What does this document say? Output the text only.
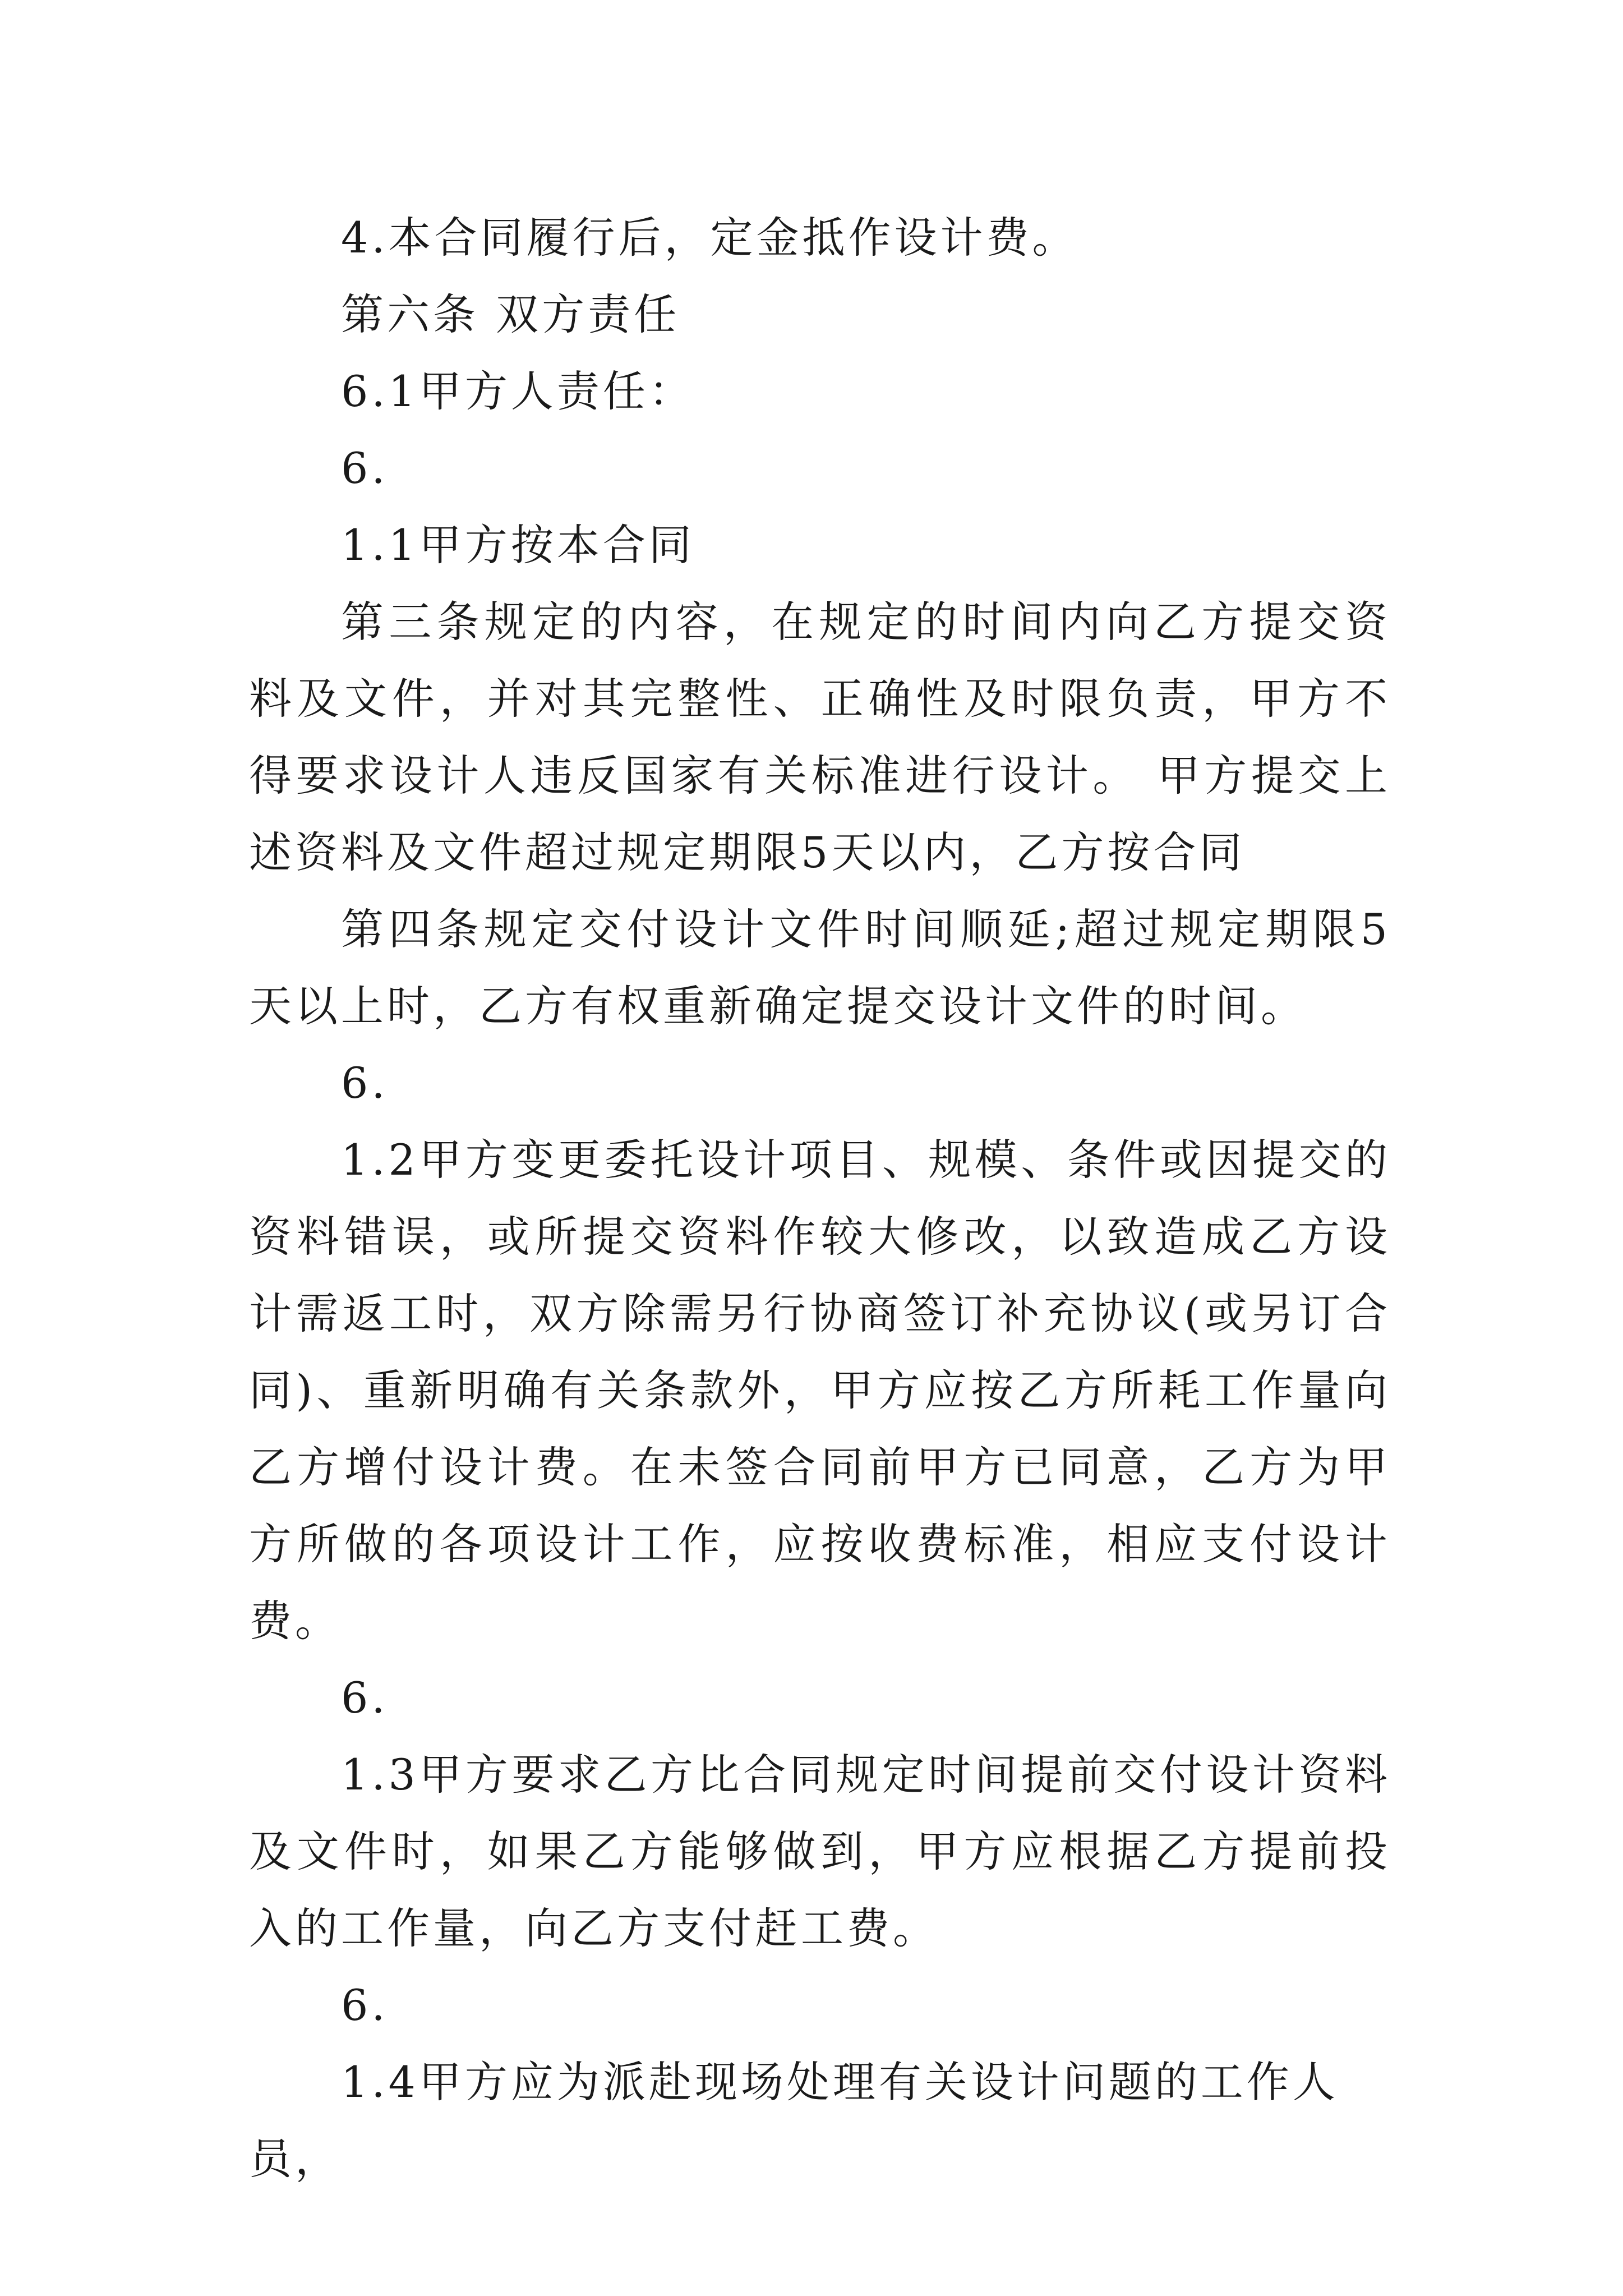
4.本合同履行后，定金抵作设计费。

第六条 双方责任

6.1甲方人责任：

6.

1.1甲方按本合同

第三条规定的内容，在规定的时间内向乙方提交资料及文件，并对其完整性、正确性及时限负责，甲方不得要求设计人违反国家有关标准进行设计。 甲方提交上述资料及文件超过规定期限5天以内，乙方按合同

第四条规定交付设计文件时间顺延;超过规定期限5天以上时，乙方有权重新确定提交设计文件的时间。

6.

1.2甲方变更委托设计项目、规模、条件或因提交的资料错误，或所提交资料作较大修改，以致造成乙方设计需返工时，双方除需另行协商签订补充协议(或另订合同)、重新明确有关条款外，甲方应按乙方所耗工作量向乙方增付设计费。在未签合同前甲方已同意，乙方为甲方所做的各项设计工作，应按收费标准，相应支付设计费。

6.

1.3甲方要求乙方比合同规定时间提前交付设计资料及文件时，如果乙方能够做到，甲方应根据乙方提前投入的工作量，向乙方支付赶工费。

6.

1.4甲方应为派赴现场处理有关设计问题的工作人员，
